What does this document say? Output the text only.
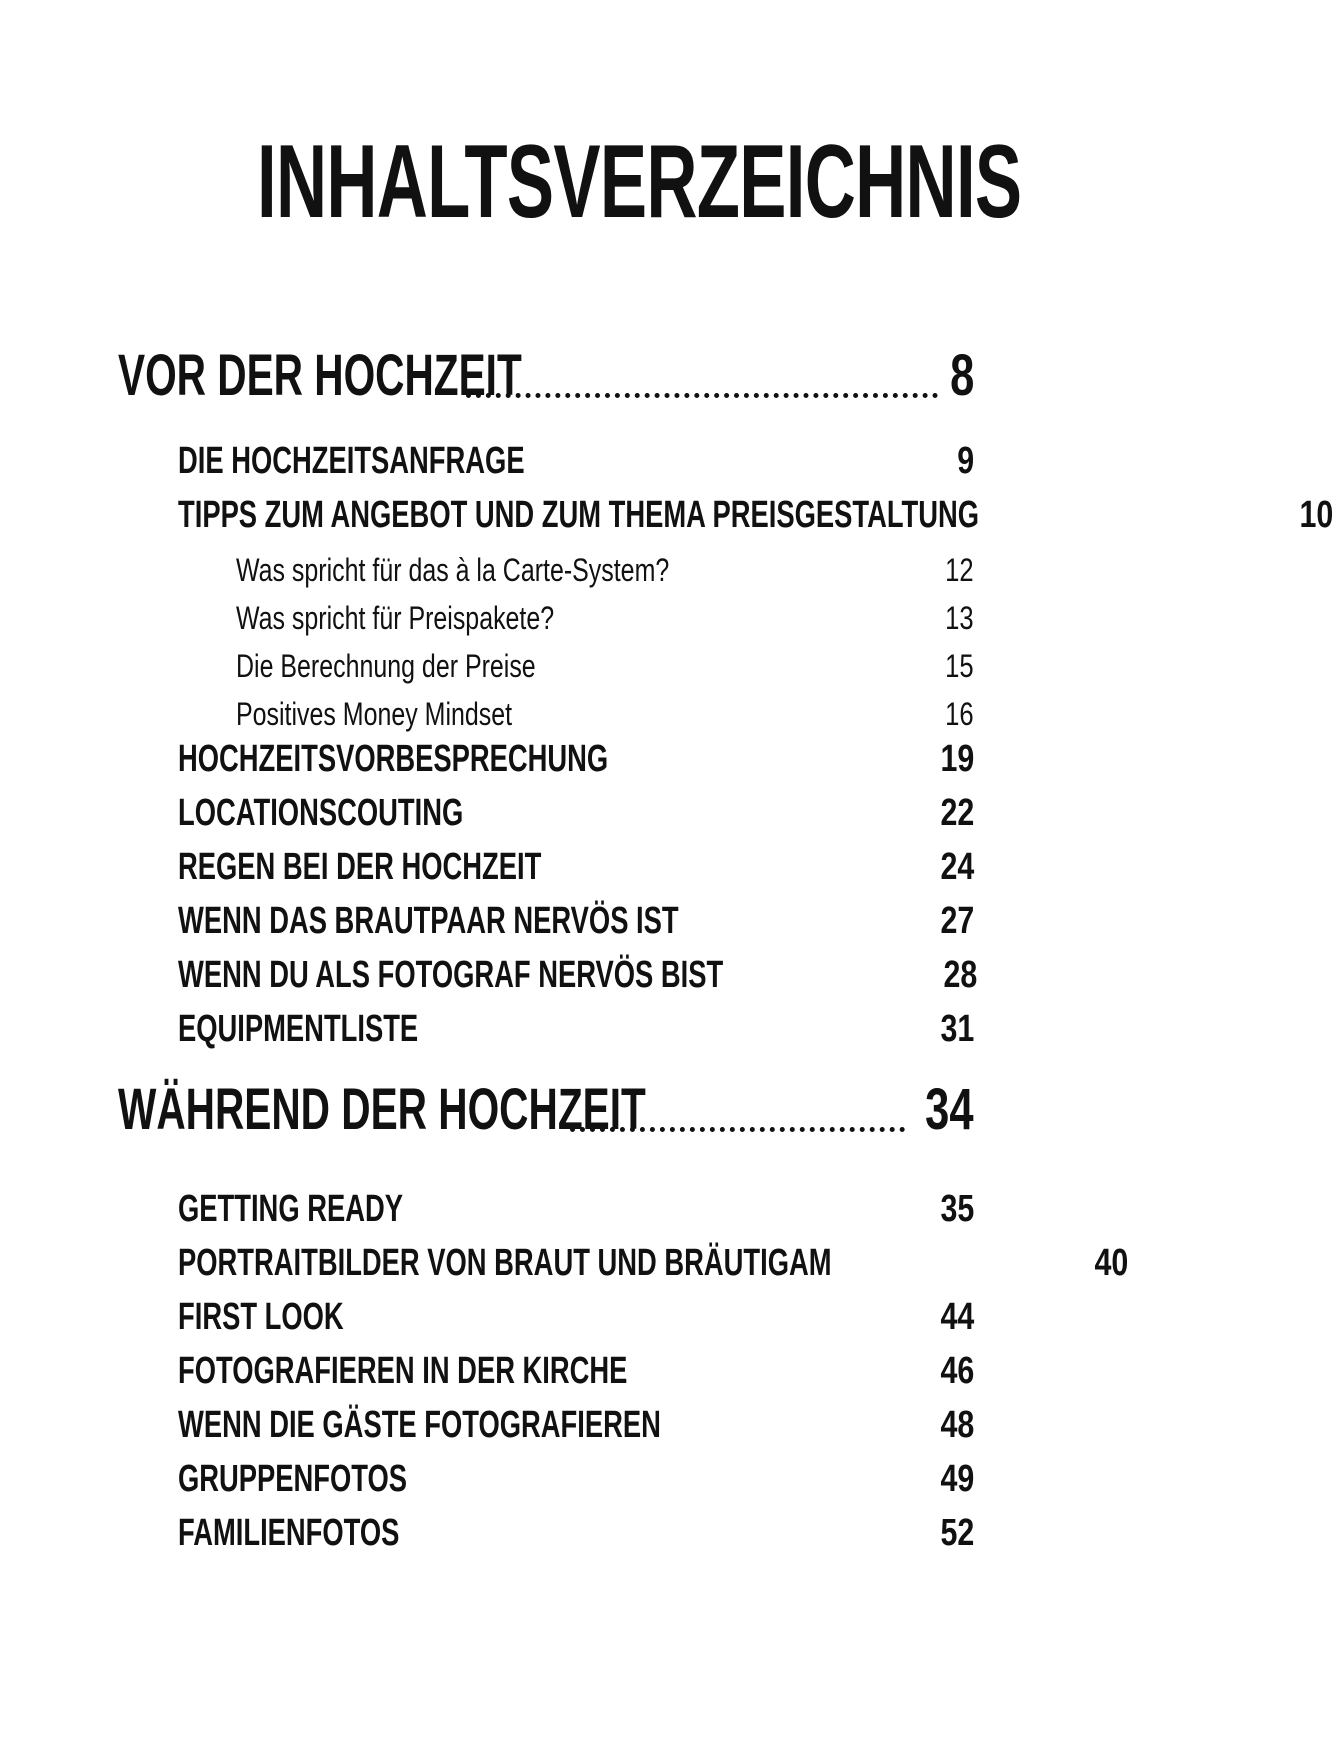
INHALTSVERZEICHNIS
VOR DER HOCHZEIT	8
DIE HOCHZEITSANFRAGE	9
TIPPS ZUM ANGEBOT UND ZUM THEMA PREISGESTALTUNG	10
Was spricht für das à la Carte-System?	12
Was spricht für Preispakete?	13
Die Berechnung der Preise	15
Positives Money Mindset	16
HOCHZEITSVORBESPRECHUNG	19
LOCATIONSCOUTING	22
REGEN BEI DER HOCHZEIT	24
WENN DAS BRAUTPAAR NERVÖS IST	27
WENN DU ALS FOTOGRAF NERVÖS BIST	28
EQUIPMENTLISTE	31
WÄHREND DER HOCHZEIT	34
GETTING READY	35
PORTRAITBILDER VON BRAUT UND BRÄUTIGAM	40
FIRST LOOK	44
FOTOGRAFIEREN IN DER KIRCHE	46
WENN DIE GÄSTE FOTOGRAFIEREN	48
GRUPPENFOTOS	49
FAMILIENFOTOS	52
